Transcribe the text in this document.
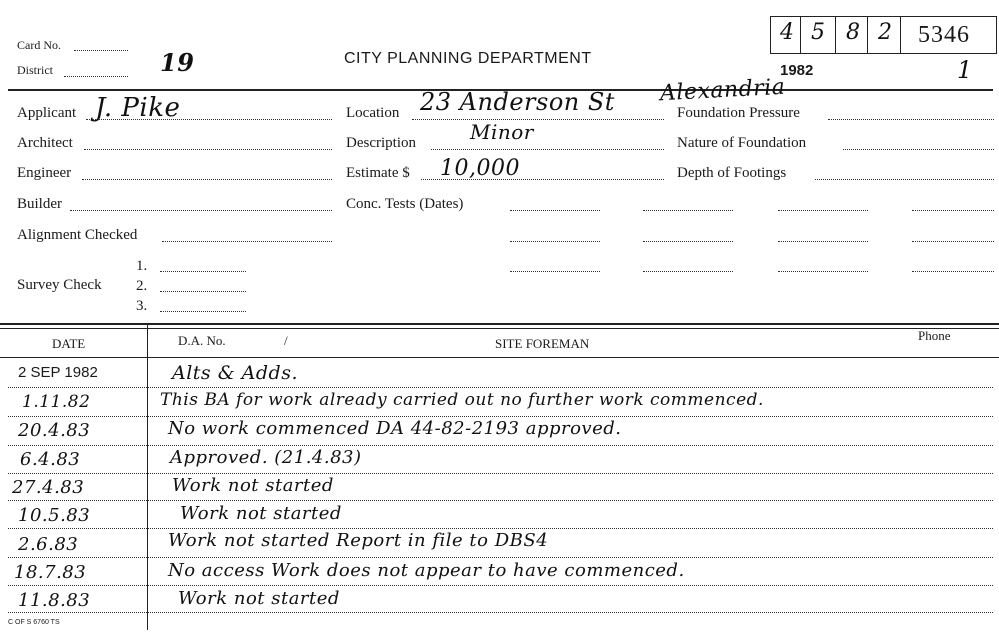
Card No.
District	19	CITY PLANNING DEPARTMENT
1982	1
4 5 8 2 5346
Applicant J. Pike
Architect
Engineer
Builder
Alignment Checked
Survey Check
1.
2.
3.
Location 23 Anderson St Alexandria
Description	Minor
Estimate $ 10,000
Conc. Tests (Dates)
Foundation Pressure
Nature of Foundation
Depth of Footings
DATE	D.A. No.	/	SITE FOREMAN
Phone
2 SEP 1982	Alts & Adds.
1.11.82	This BA for work already carried out no further work commenced.
20.4.83	No work commenced DA 44-82-2193 approved.
6.4.83	Approved. (21.4.83)
27.4.83	Work not started
10.5.83	Work not started
2.6.83	Work not started Report in file to DBS4
18.7.83	No access Work does not appear to have commenced.
11.8.83	Work not started
C OF S 6760 TS
